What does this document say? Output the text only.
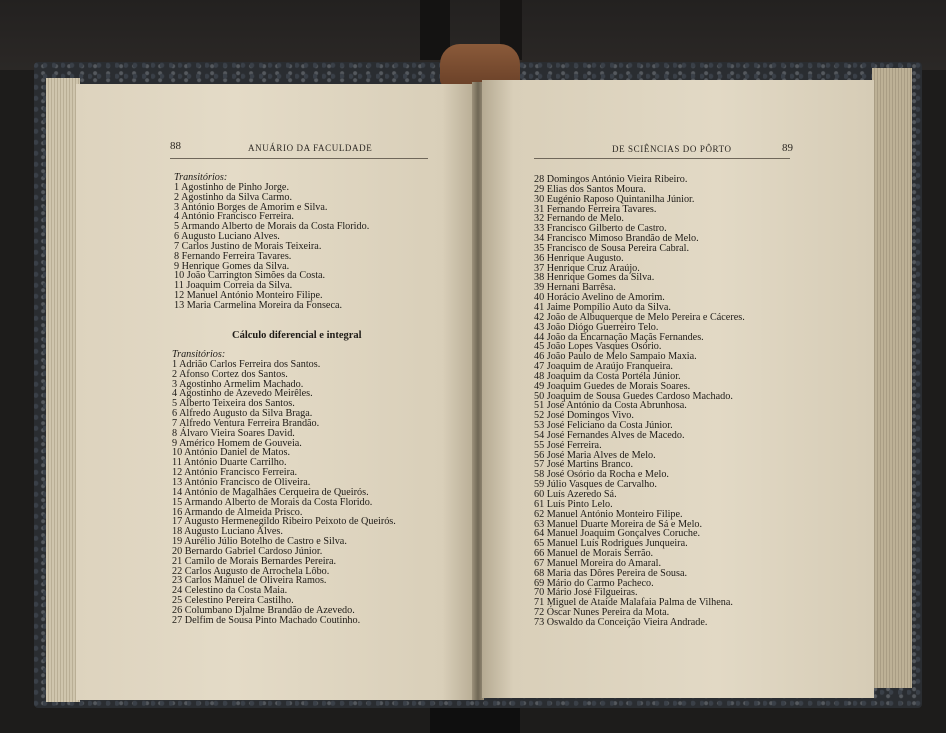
88	ANUÁRIO DA FACULDADE
Transitórios:
1 Agostinho de Pinho Jorge.
2 Agostinho da Silva Carmo.
3 António Borges de Amorim e Silva.
4 António Francisco Ferreira.
5 Armando Alberto de Morais da Costa Florido.
6 Augusto Luciano Alves.
7 Carlos Justino de Morais Teixeira.
8 Fernando Ferreira Tavares.
9 Henrique Gomes da Silva.
10 João Carrington Simões da Costa.
11 Joaquim Correia da Silva.
12 Manuel António Monteiro Filipe.
13 Maria Carmelina Moreira da Fonseca.
Cálculo diferencial e integral
Transitórios:
1 Adrião Carlos Ferreira dos Santos.
2 Afonso Cortez dos Santos.
3 Agostinho Armelim Machado.
4 Agostinho de Azevedo Meirêles.
5 Alberto Teixeira dos Santos.
6 Alfredo Augusto da Silva Braga.
7 Alfredo Ventura Ferreira Brandão.
8 Álvaro Vieira Soares David.
9 Américo Homem de Gouveia.
10 António Daniel de Matos.
11 António Duarte Carrilho.
12 António Francisco Ferreira.
13 António Francisco de Oliveira.
14 António de Magalhães Cerqueira de Queirós.
15 Armando Alberto de Morais da Costa Florido.
16 Armando de Almeida Prisco.
17 Augusto Hermenegildo Ribeiro Peixoto de Queirós.
18 Augusto Luciano Alves.
19 Aurélio Júlio Botelho de Castro e Silva.
20 Bernardo Gabriel Cardoso Júnior.
21 Camilo de Morais Bernardes Pereira.
22 Carlos Augusto de Arrochela Lôbo.
23 Carlos Manuel de Oliveira Ramos.
24 Celestino da Costa Maia.
25 Celestino Pereira Castilho.
26 Columbano Djalme Brandão de Azevedo.
27 Delfim de Sousa Pinto Machado Coutinho.
DE SCIÊNCIAS DO PÔRTO	89
28 Domingos António Vieira Ribeiro.
29 Elias dos Santos Moura.
30 Eugénio Raposo Quintanilha Júnior.
31 Fernando Ferreira Tavares.
32 Fernando de Melo.
33 Francisco Gilberto de Castro.
34 Francisco Mimoso Brandão de Melo.
35 Francisco de Sousa Pereira Cabral.
36 Henrique Augusto.
37 Henrique Cruz Araújo.
38 Henrique Gomes da Silva.
39 Hernani Barrêsa.
40 Horácio Avelino de Amorim.
41 Jaime Pompílio Auto da Silva.
42 João de Albuquerque de Melo Pereira e Cáceres.
43 João Diógo Guerreiro Telo.
44 João da Encarnação Maçãs Fernandes.
45 João Lopes Vasques Osório.
46 João Paulo de Melo Sampaio Maxia.
47 Joaquim de Araújo Franqueira.
48 Joaquim da Costa Portéla Júnior.
49 Joaquim Guedes de Morais Soares.
50 Joaquim de Sousa Guedes Cardoso Machado.
51 José António da Costa Abrunhosa.
52 José Domingos Vivo.
53 José Feliciano da Costa Júnior.
54 José Fernandes Alves de Macedo.
55 José Ferreira.
56 José Maria Alves de Melo.
57 José Martins Branco.
58 José Osório da Rocha e Melo.
59 Júlio Vasques de Carvalho.
60 Luís Azeredo Sá.
61 Luís Pinto Lelo.
62 Manuel António Monteiro Filipe.
63 Manuel Duarte Moreira de Sá e Melo.
64 Manuel Joaquim Gonçalves Coruche.
65 Manuel Luís Rodrigues Junqueira.
66 Manuel de Morais Serrão.
67 Manuel Moreira do Amaral.
68 Maria das Dôres Pereira de Sousa.
69 Mário do Carmo Pacheco.
70 Mário José Filgueiras.
71 Miguel de Ataíde Malafaia Palma de Vilhena.
72 Óscar Nunes Pereira da Mota.
73 Oswaldo da Conceição Vieira Andrade.
